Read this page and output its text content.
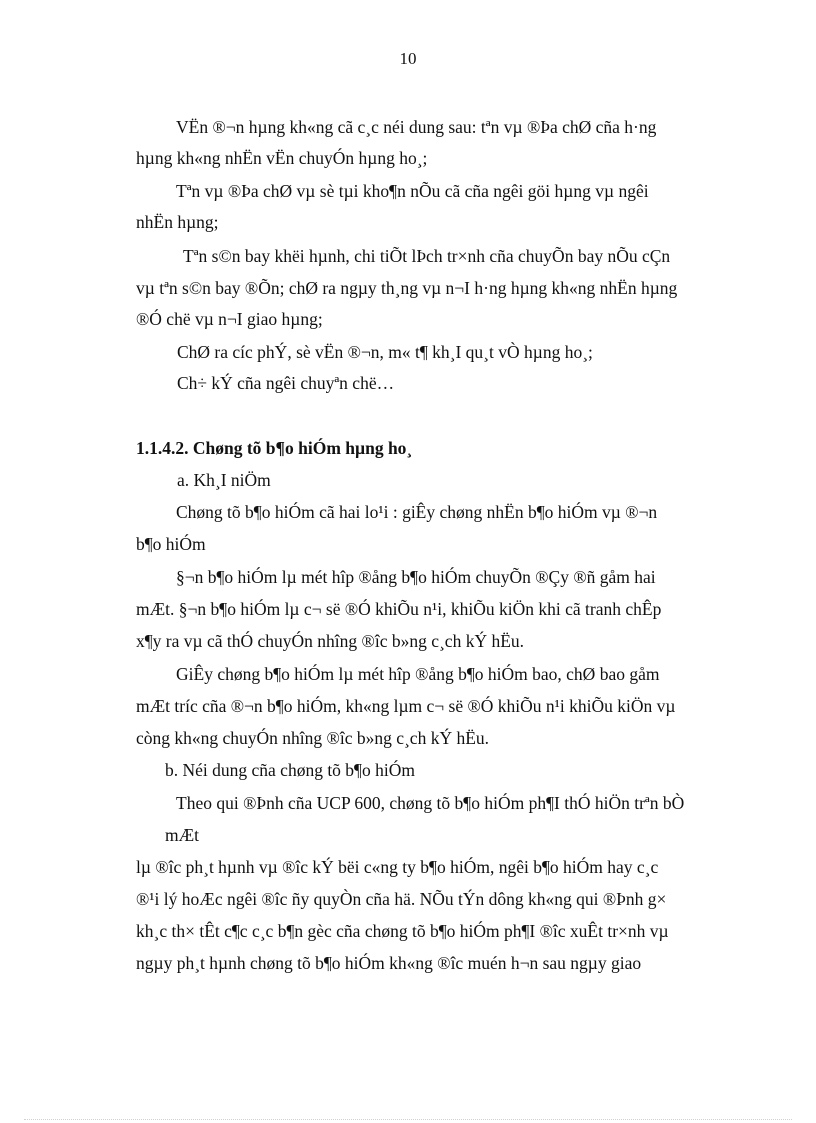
10
VËn ®¬n hµng kh«ng cã c¸c néi dung sau: tªn vµ ®Þa chØ cña h·ng
hµng kh«ng nhËn vËn chuyÓn hµng ho¸;
Tªn vµ ®Þa chØ vµ sè tµi kho¶n nÕu cã cña ngêi göi hµng vµ ngêi
nhËn hµng;
Tªn s©n bay khëi hµnh, chi tiÕt lÞch tr×nh cña chuyÕn bay nÕu cÇn
vµ tªn s©n bay ®Õn; chØ ra ngµy th¸ng vµ n¬I h·ng hµng kh«ng nhËn hµng
®Ó chë vµ n¬I giao hµng;
ChØ ra cíc phÝ, sè vËn ®¬n, m« t¶ kh¸I qu¸t vÒ hµng ho¸;
Ch÷ kÝ cña ngêi chuyªn chë…
1.1.4.2. Chøng tõ b¶o hiÓm hµng ho¸
a. Kh¸I niÖm
Chøng tõ b¶o hiÓm cã hai lo¹i : giÊy chøng nhËn b¶o hiÓm vµ ®¬n
b¶o hiÓm
§¬n b¶o hiÓm lµ mét hîp ®ång b¶o hiÓm chuyÕn ®Çy ®ñ gåm hai
mÆt. §¬n b¶o hiÓm lµ c¬ së ®Ó khiÕu n¹i, khiÕu kiÖn khi cã tranh chÊp
x¶y ra vµ cã thÓ chuyÓn nhîng ®îc b»ng c¸ch kÝ hËu.
GiÊy chøng b¶o hiÓm lµ mét hîp ®ång b¶o hiÓm bao, chØ bao gåm
mÆt tríc cña ®¬n b¶o hiÓm, kh«ng lµm c¬ së ®Ó khiÕu n¹i khiÕu kiÖn vµ
còng kh«ng chuyÓn nhîng ®îc b»ng c¸ch kÝ hËu.
b. Néi dung cña chøng tõ b¶o hiÓm
Theo qui ®Þnh cña UCP 600, chøng tõ b¶o hiÓm ph¶I thÓ hiÖn trªn bÒ
mÆt
lµ ®îc ph¸t hµnh vµ ®îc kÝ bëi c«ng ty b¶o hiÓm, ngêi b¶o hiÓm hay c¸c
®¹i lý hoÆc ngêi ®îc ñy quyÒn cña hä. NÕu tÝn dông kh«ng qui ®Þnh g×
kh¸c th× tÊt c¶c c¸c b¶n gèc cña chøng tõ b¶o hiÓm ph¶I ®îc xuÊt tr×nh vµ
ngµy ph¸t hµnh chøng tõ b¶o hiÓm kh«ng ®îc muén h¬n sau ngµy giao
